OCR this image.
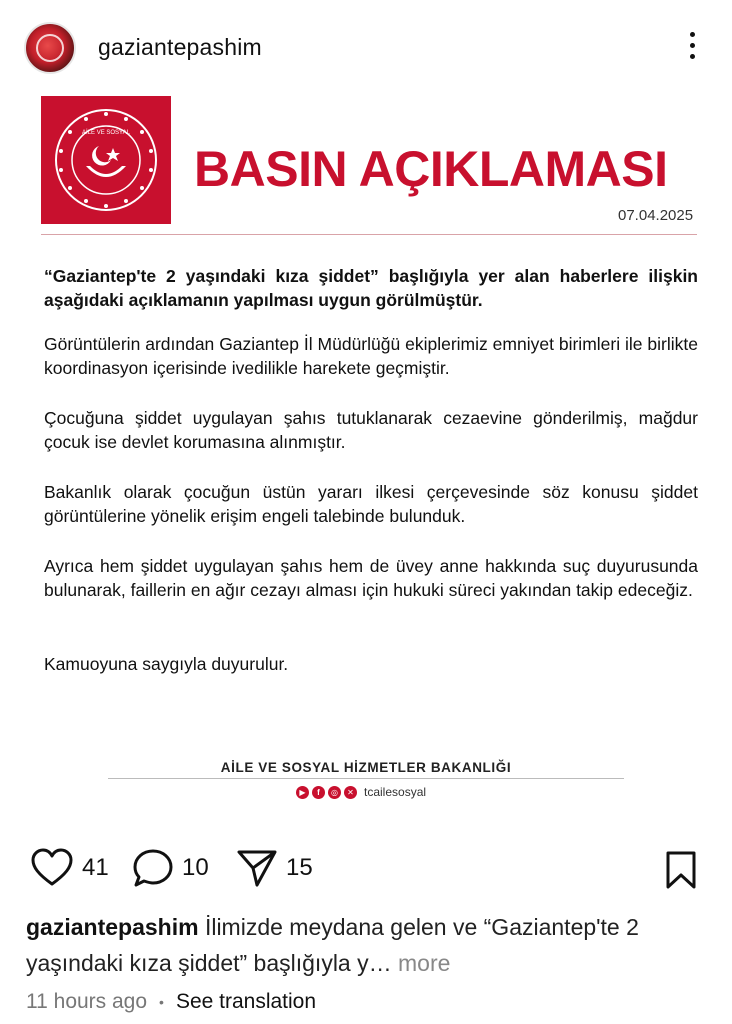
gaziantepashim
AİLE VE SOSYAL
BASIN AÇIKLAMASI
07.04.2025
“Gaziantep'te 2 yaşındaki kıza şiddet” başlığıyla yer alan haberlere ilişkin aşağıdaki açıklamanın yapılması uygun görülmüştür.
Görüntülerin ardından Gaziantep İl Müdürlüğü ekiplerimiz emniyet birimleri ile birlikte koordinasyon içerisinde ivedilikle harekete geçmiştir.
Çocuğuna şiddet uygulayan şahıs tutuklanarak cezaevine gönderilmiş, mağdur çocuk ise devlet korumasına alınmıştır.
Bakanlık olarak çocuğun üstün yararı ilkesi çerçevesinde söz konusu şiddet görüntülerine yönelik erişim engeli talebinde bulunduk.
Ayrıca hem şiddet uygulayan şahıs hem de üvey anne hakkında suç duyurusunda bulunarak, faillerin en ağır cezayı alması için hukuki süreci yakından takip edeceğiz.
Kamuoyuna saygıyla duyurulur.
AİLE VE SOSYAL HİZMETLER BAKANLIĞI
▶	f	◎	✕ tcailesosyal
41	10	15
gaziantepashim İlimizde meydana gelen ve “Gaziantep'te 2 yaşındaki kıza şiddet” başlığıyla y… more
11 hours ago • See translation
